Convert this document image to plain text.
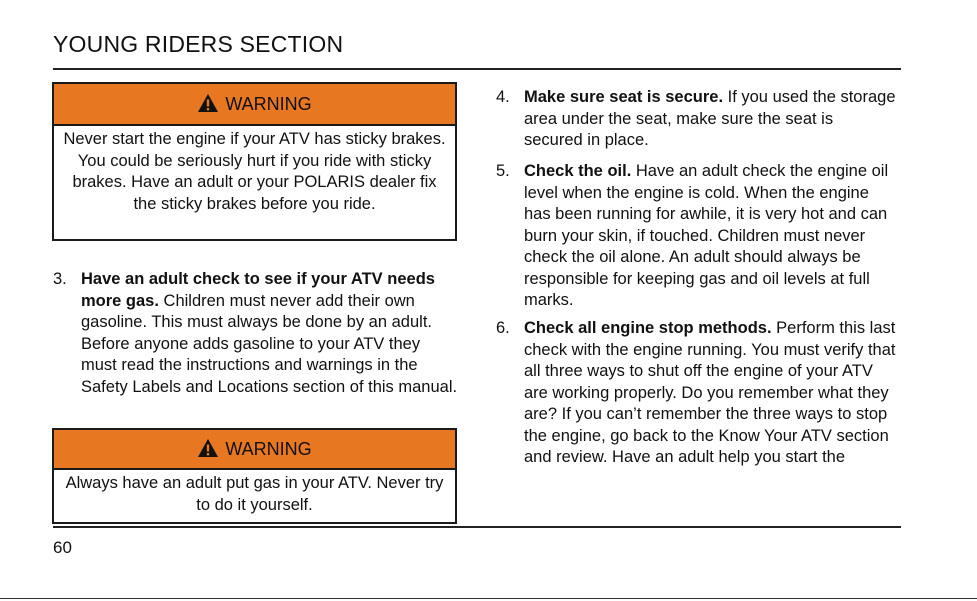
YOUNG RIDERS SECTION
WARNING
Never start the engine if your ATV has sticky brakes. You could be seriously hurt if you ride with sticky brakes. Have an adult or your POLARIS dealer fix the sticky brakes before you ride.
3. Have an adult check to see if your ATV needs more gas. Children must never add their own gasoline. This must always be done by an adult. Before anyone adds gasoline to your ATV they must read the instructions and warnings in the Safety Labels and Locations section of this manual.
WARNING
Always have an adult put gas in your ATV. Never try to do it yourself.
4. Make sure seat is secure. If you used the storage area under the seat, make sure the seat is secured in place.
5. Check the oil. Have an adult check the engine oil level when the engine is cold. When the engine has been running for awhile, it is very hot and can burn your skin, if touched. Children must never check the oil alone. An adult should always be responsible for keeping gas and oil levels at full marks.
6. Check all engine stop methods. Perform this last check with the engine running. You must verify that all three ways to shut off the engine of your ATV are working properly. Do you remember what they are? If you can’t remember the three ways to stop the engine, go back to the Know Your ATV section and review. Have an adult help you start the
60
